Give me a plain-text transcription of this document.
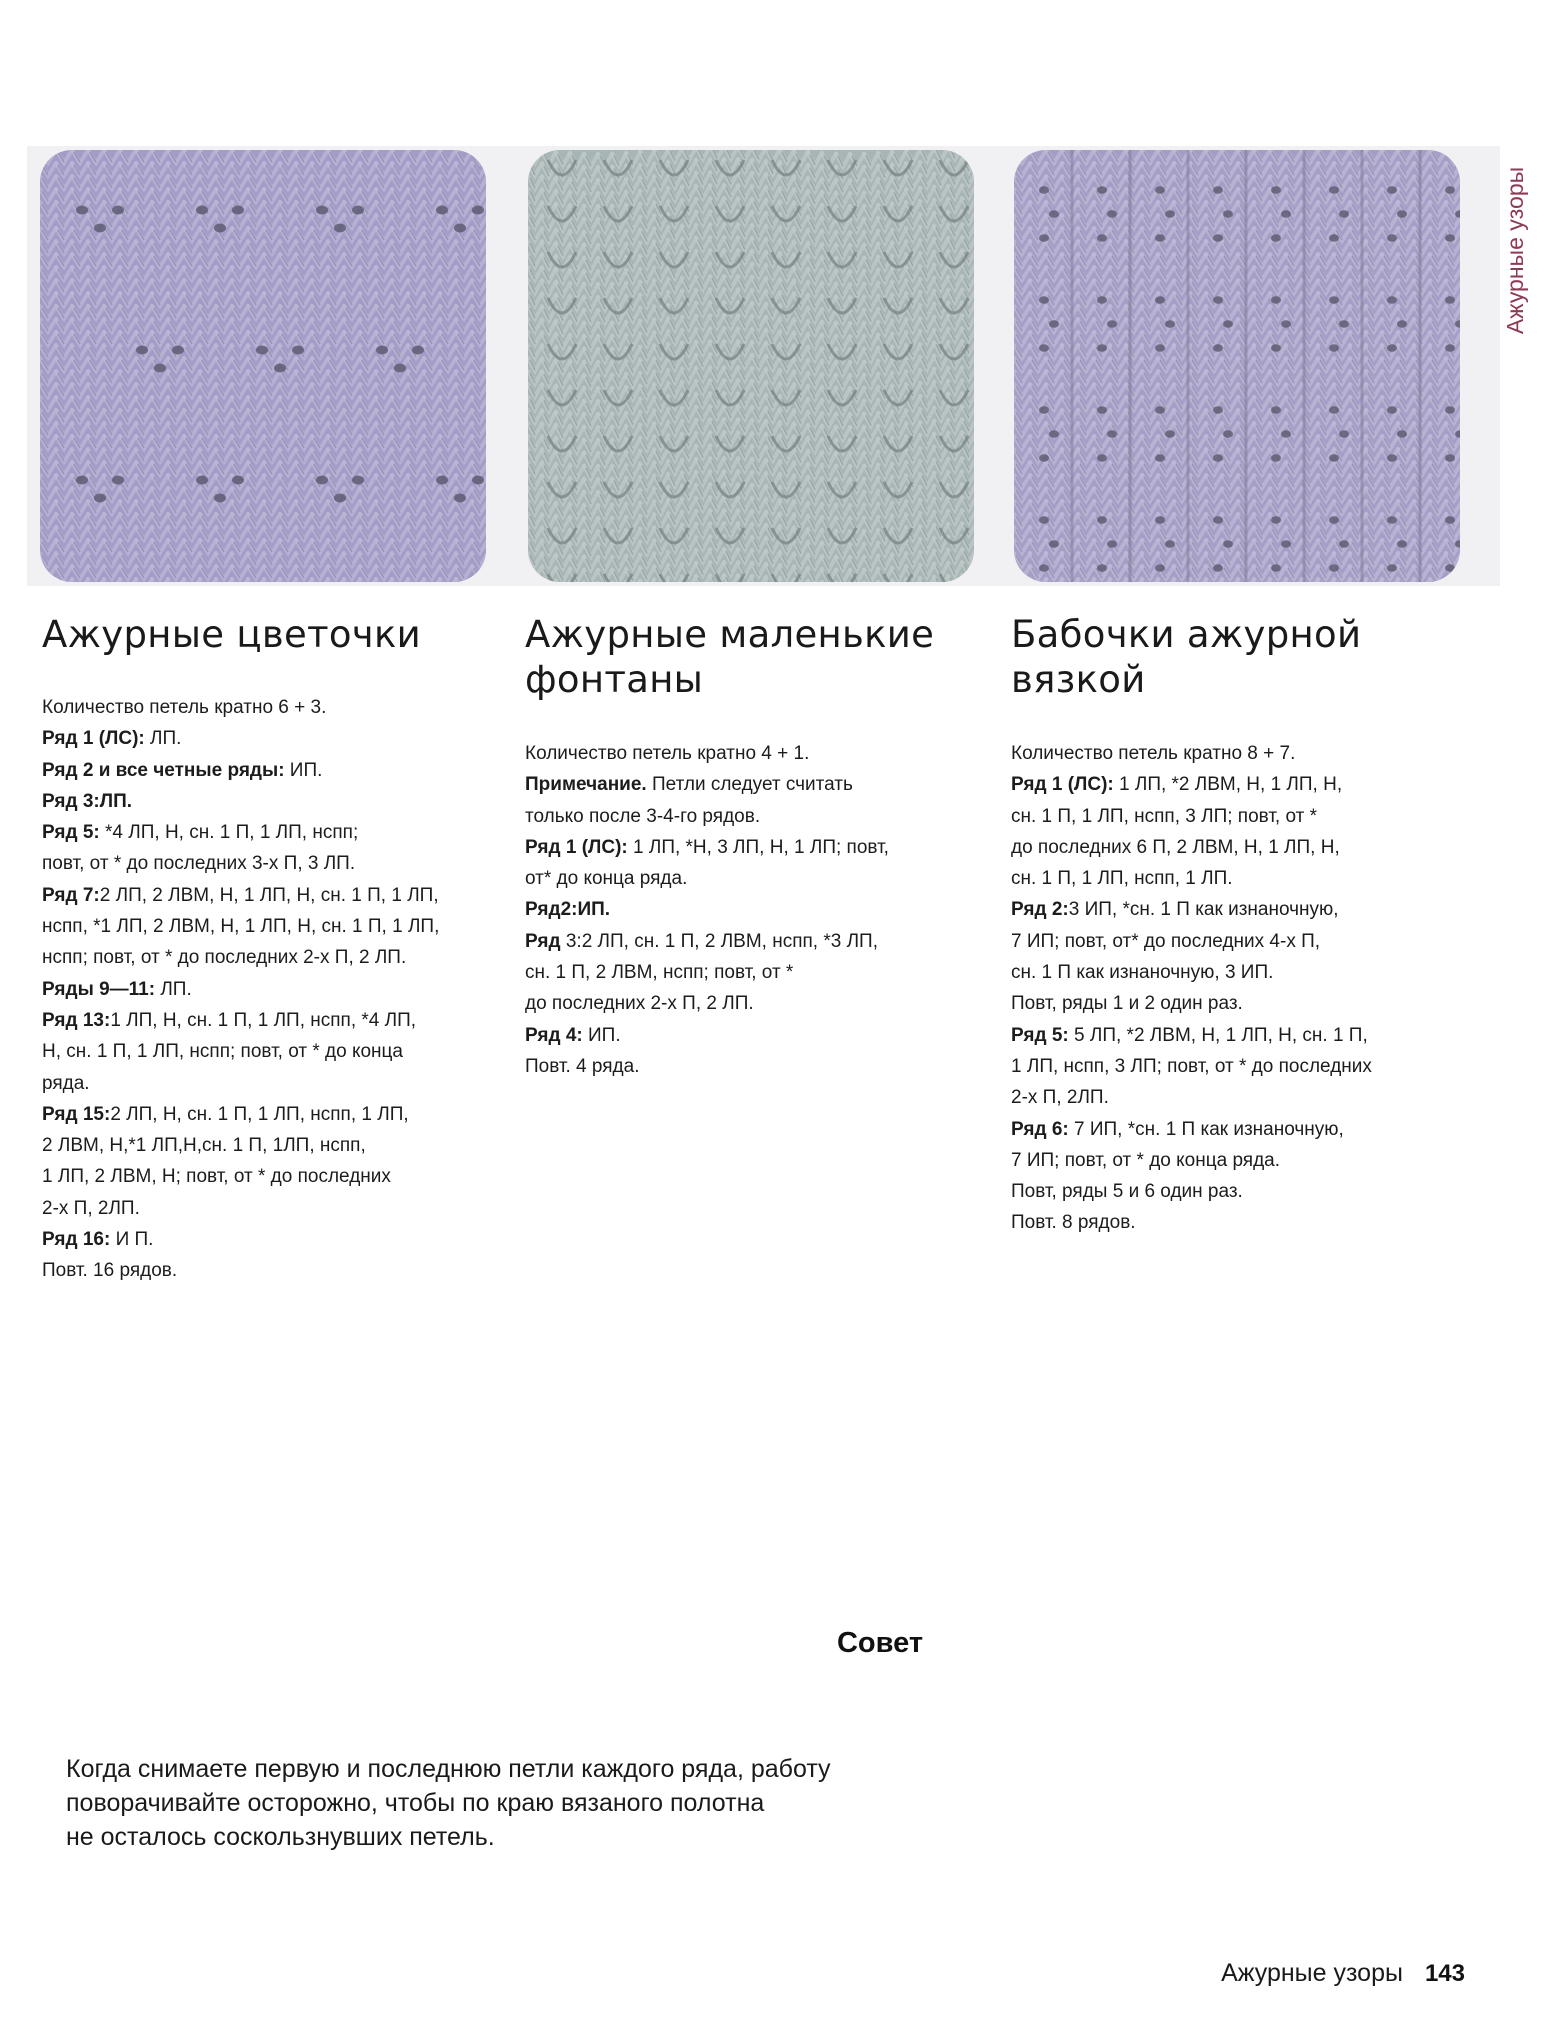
Ажурные узоры
Ажурные цветочки
Количество петель кратно 6 + 3.
Ряд 1 (ЛС): ЛП.
Ряд 2 и все четные ряды: ИП.
Ряд 3:ЛП.
Ряд 5: *4 ЛП, Н, сн. 1 П, 1 ЛП, нспп;
повт, от * до последних 3-х П, 3 ЛП.
Ряд 7:2 ЛП, 2 ЛВМ, Н, 1 ЛП, Н, сн. 1 П, 1 ЛП,
нспп, *1 ЛП, 2 ЛВМ, Н, 1 ЛП, Н, сн. 1 П, 1 ЛП,
нспп; повт, от * до последних 2-х П, 2 ЛП.
Ряды 9—11: ЛП.
Ряд 13:1 ЛП, Н, сн. 1 П, 1 ЛП, нспп, *4 ЛП,
Н, сн. 1 П, 1 ЛП, нспп; повт, от * до конца
ряда.
Ряд 15:2 ЛП, Н, сн. 1 П, 1 ЛП, нспп, 1 ЛП,
2 ЛВМ, Н,*1 ЛП,Н,сн. 1 П, 1ЛП, нспп,
1 ЛП, 2 ЛВМ, Н; повт, от * до последних
2-х П, 2ЛП.
Ряд 16: И П.
Повт. 16 рядов.
Ажурные маленькие фонтаны
Количество петель кратно 4 + 1.
Примечание. Петли следует считать
только после 3-4-го рядов.
Ряд 1 (ЛС): 1 ЛП, *Н, 3 ЛП, Н, 1 ЛП; повт,
от* до конца ряда.
Ряд2:ИП.
Ряд 3:2 ЛП, сн. 1 П, 2 ЛВМ, нспп, *3 ЛП,
сн. 1 П, 2 ЛВМ, нспп; повт, от *
до последних 2-х П, 2 ЛП.
Ряд 4: ИП.
Повт. 4 ряда.
Бабочки ажурной вязкой
Количество петель кратно 8 + 7.
Ряд 1 (ЛС): 1 ЛП, *2 ЛВМ, Н, 1 ЛП, Н,
сн. 1 П, 1 ЛП, нспп, 3 ЛП; повт, от *
до последних 6 П, 2 ЛВМ, Н, 1 ЛП, Н,
сн. 1 П, 1 ЛП, нспп, 1 ЛП.
Ряд 2:3 ИП, *сн. 1 П как изнаночную,
7 ИП; повт, от* до последних 4-х П,
сн. 1 П как изнаночную, 3 ИП.
Повт, ряды 1 и 2 один раз.
Ряд 5: 5 ЛП, *2 ЛВМ, Н, 1 ЛП, Н, сн. 1 П,
1 ЛП, нспп, 3 ЛП; повт, от * до последних
2-х П, 2ЛП.
Ряд 6: 7 ИП, *сн. 1 П как изнаночную,
7 ИП; повт, от * до конца ряда.
Повт, ряды 5 и 6 один раз.
Повт. 8 рядов.
Совет
Когда снимаете первую и последнюю петли каждого ряда, работу
поворачивайте осторожно, чтобы по краю вязаного полотна
не осталось соскользнувших петель.
Ажурные узоры 143
